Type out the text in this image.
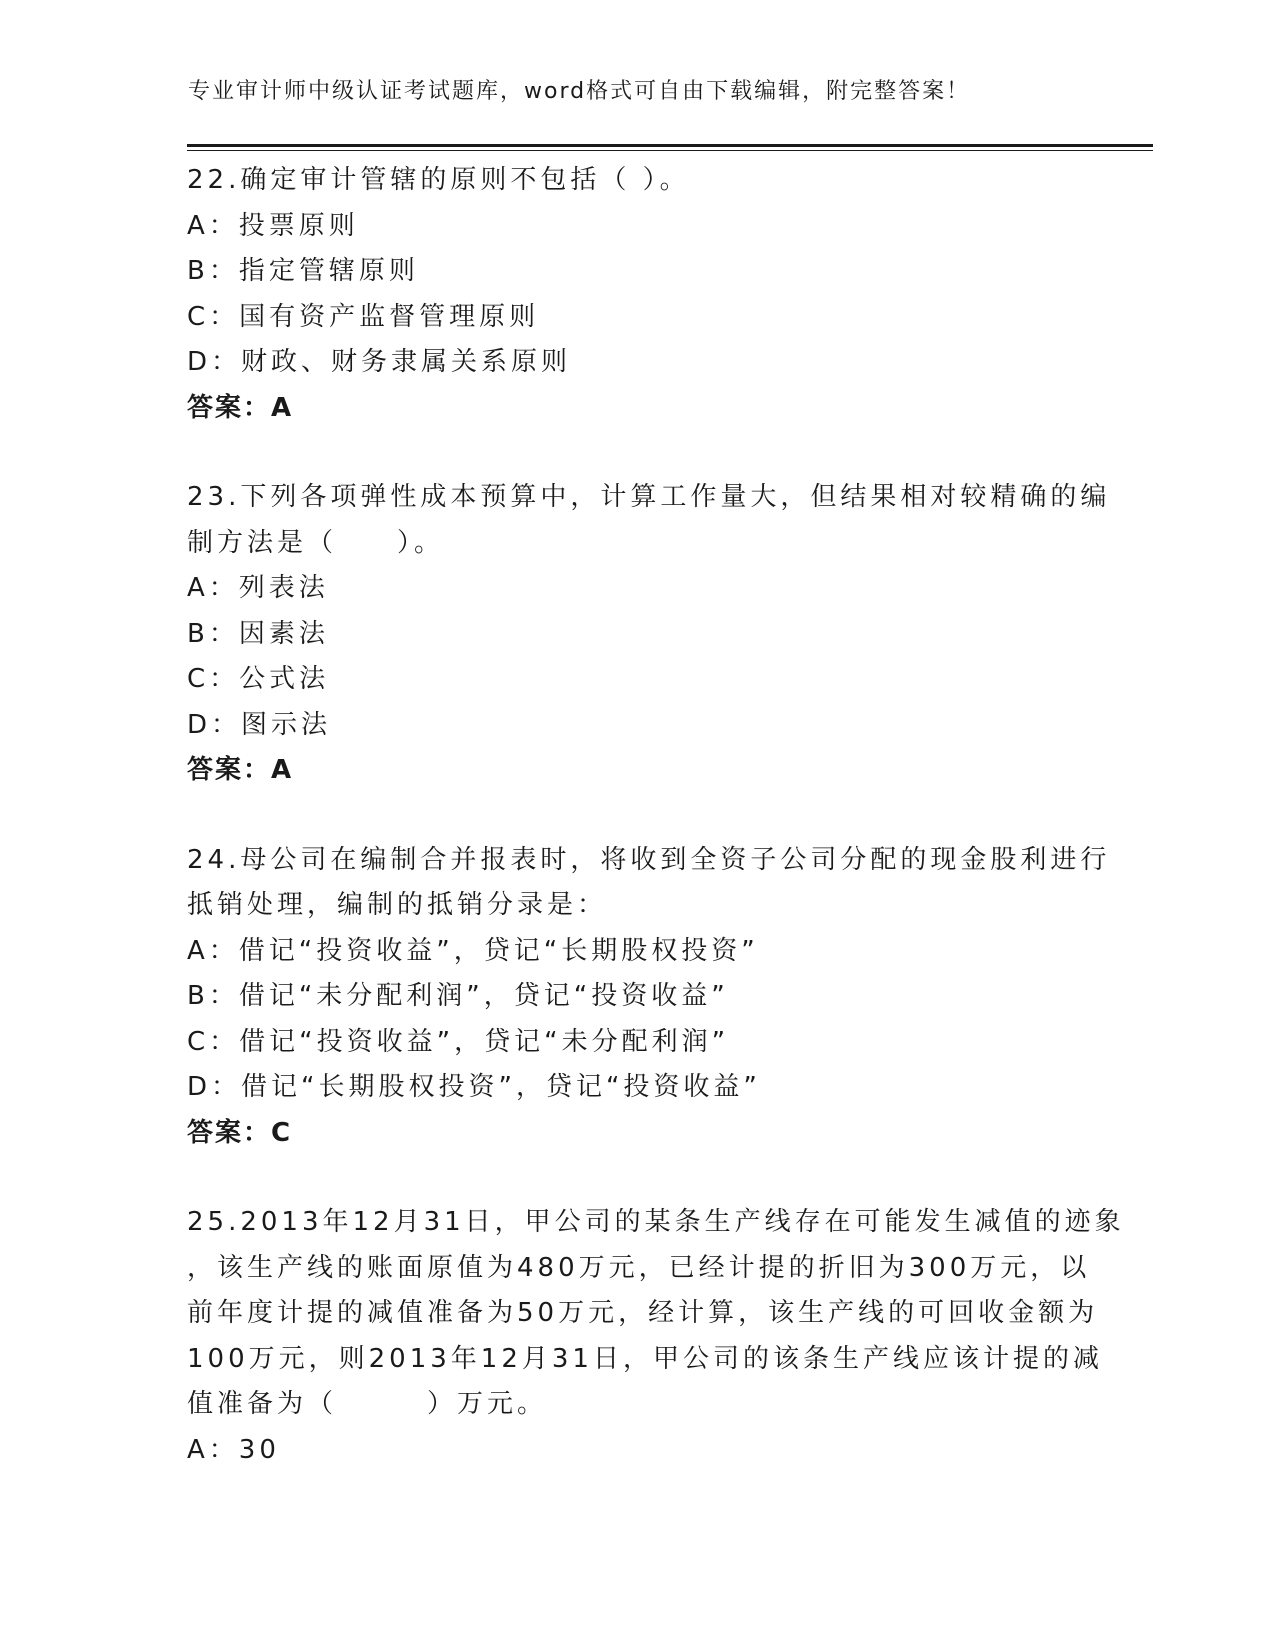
专业审计师中级认证考试题库，word格式可自由下载编辑，附完整答案！
22.确定审计管辖的原则不包括（ ）。
A：投票原则
B：指定管辖原则
C：国有资产监督管理原则
D：财政、财务隶属关系原则
答案：A
23.下列各项弹性成本预算中，计算工作量大，但结果相对较精确的编
制方法是（　　）。
A：列表法
B：因素法
C：公式法
D：图示法
答案：A
24.母公司在编制合并报表时，将收到全资子公司分配的现金股利进行
抵销处理，编制的抵销分录是：
A：借记“投资收益”，贷记“长期股权投资”
B：借记“未分配利润”，贷记“投资收益”
C：借记“投资收益”，贷记“未分配利润”
D：借记“长期股权投资”，贷记“投资收益”
答案：C
25.2013年12月31日，甲公司的某条生产线存在可能发生减值的迹象
，该生产线的账面原值为480万元，已经计提的折旧为300万元，以
前年度计提的减值准备为50万元，经计算，该生产线的可回收金额为
100万元，则2013年12月31日，甲公司的该条生产线应该计提的减
值准备为（　　　）万元。
A：30
